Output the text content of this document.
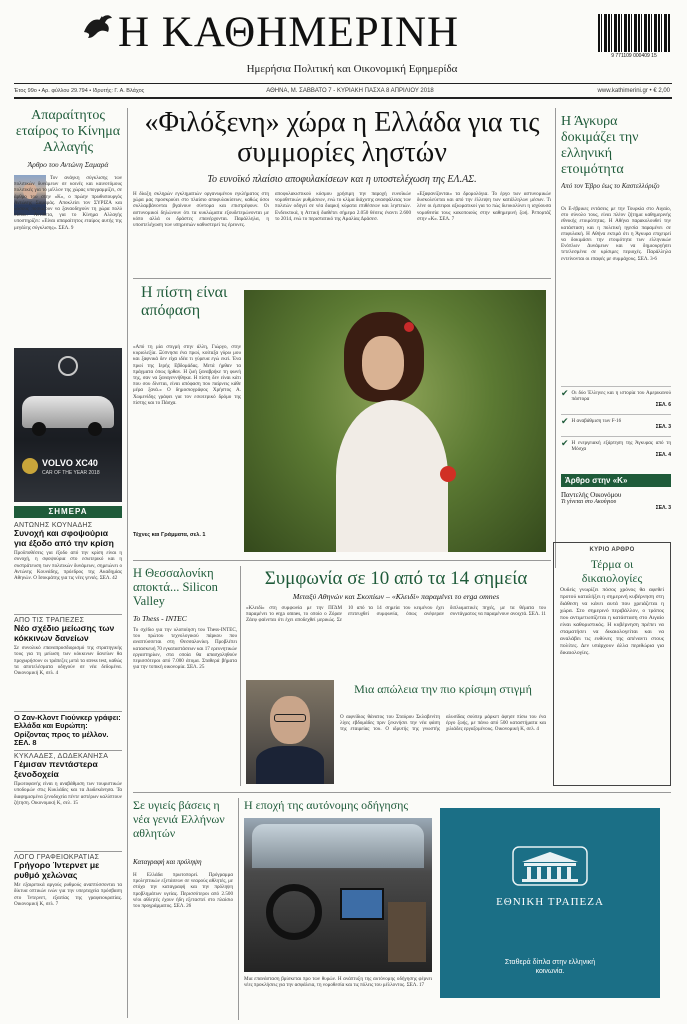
Η ΚΑΘΗΜΕΡΙΝΗ
Ημερήσια Πολιτική και Οικονομική Εφημερίδα
9 771109 000409 15
Έτος 99ο • Αρ. φύλλου 29.794 • Ιδρυτής: Γ. Α. Βλάχος	ΑΘΗΝΑ, Μ. ΣΑΒΒΑΤΟ 7 - ΚΥΡΙΑΚΗ ΠΑΣΧΑ 8 ΑΠΡΙΛΙΟΥ 2018	www.kathimerini.gr • € 2,00
Απαραίτητος εταίρος το Κίνημα Αλλαγής
Άρθρο του Αντώνη Σαμαρά
Τον ανάγκη σύγκλισης των πολιτικών δυνάμεων σε κοινές και καινοτόμους πολιτικές για το μέλλον της χώρας υπογραμμίζει, σε άρθρο του στην «Κ», ο πρώην πρωθυπουργός Αντώνης Σαμαράς. Αποκλείει τον ΣΥΡΙΖΑ και «όσους ποσκίζουν να ξαναοδηγούν τη χώρα πολύ πίσω». Αντίθετα, για το Κίνημα Αλλαγής υποστηρίζει: «Είναι απαραίτητος εταίρος αυτής της μεγάλης σύγκλισης». ΣΕΛ. 9
VOLVO XC40
CAR OF THE YEAR 2018
ΣΗΜΕΡΑ
ΑΝΤΩΝΗΣ ΚΟΥΝΑΔΗΣ
Συνοχή και σφοψούρια για έξοδο από την κρίση
Προϋποθέσεις για έξοδο από την κρίση είναι η συνοχή, η σφοψούρια στο εσωτερικό και η συστράτευση των πολιτικών δυνάμεων, σημειώνει ο Αντώνης Κουνάδης, πρόεδρος της Ακαδημίας Αθηνών. Ο Ισοκράτης για τις νέες γενιές. ΣΕΛ. 42
ΑΠΟ ΤΙΣ ΤΡΑΠΕΖΕΣ
Νέο σχέδιο μείωσης των κόκκινων δανείων
Σε συνολικό επαναπροσδιορισμό της στρατηγικής τους για τη μείωση των κόκκινων δανείων θα προχωρήσουν οι τράπεζες μετά τα stress test, καθώς τα αποτελέσματα οδηγούν σε νέα δεδομένα. Οικονομική Κ, σελ. 4
Ο Ζαν-Κλοντ Γιούνκερ γράφει: Ελλάδα και Ευρώπη: Ορίζοντας προς το μέλλον. ΣΕΛ. 8
ΚΥΚΛΑΔΕΣ, ΔΩΔΕΚΑΝΗΣΑ
Γέμισαν πεντάστερα ξενοδοχεία
Πρωτοφανής είναι η αναβάθμιση των τουριστικών υποδομών στις Κυκλάδες και τα Δωδεκάνησα. Τα διαφημισμένα ξενοδοχεία πέντε αστέρων καλύπτουν ζήτηση. Οικονομική Κ, σελ. 15
ΛΟΓΟ ΓΡΑΦΕΙΟΚΡΑΤΙΑΣ
Γρήγορο Ίντερνετ με ρυθμό χελώνας
Με εξαιρετικά αργούς ρυθμούς αναπτύσσονται τα δίκτυα οπτικών ινών για την υπερταχεία πρόσβαση στο Ίντερνετ, εξαιτίας της γραφειοκρατίας. Οικονομική Κ, σελ. 7
«Φιλόξενη» χώρα η Ελλάδα για τις συμμορίες ληστών
Το ευνοϊκό πλαίσιο αποφυλακίσεων και η υποστελέχωση της ΕΛ.ΑΣ.
Η δίωξη σκληρών εγκληματιών οργανωμένου εγκλήματος στη χώρα μας προσκρούει στο πλαίσιο αποφυλακίσεων, καθώς όσοι συλλαμβάνονται βγαίνουν σύντομα και επιστρέφουν. Οι αστυνομικοί δηλώνουν ότι τα κυκλώματα εξουδετερώνονται με κόπο αλλά οι δράστες επανέρχονται. Παράλληλα, η υποστελέχωση των υπηρεσιών καθυστερεί τις έρευνες.
αποφυλακιστικού κόσμου χρήσιμη την παροχή ευνοϊκών νομοθετικών ρυθμίσεων, ενώ το κλίμα διάχυτης ανασφάλειας των πολιτών οδηγεί σε νέα διαρκή κύματα επιθέσεων και ληστειών. Ενδεικτικά, η Αττική διαθέτει σήμερα 2.050 θέσεις έναντι 2.600 το 2014, ενώ το περιστατικό της Αμαλίας Δράσεσ.
«Εξαφανίζονται» τα δρομολόγια. Το έργο των αστυνομικών δυσκολεύεται και από την έλλειψη των κατάλληλων μέσων. Τι λένε οι έμπειροι αξιωματικοί για το πώς διευκολύνει η ισχύουσα νομοθεσία τους κακοποιούς στην καθημερινή ζωή. Ρεπορτάζ στην «Κ». ΣΕΛ. 7
Η πίστη είναι απόφαση
«Από τη μία στιγμή στην άλλη, Γιώργο, στην κυριολεξία. Ξύπνησα ένα πρωί, κοίταξα γύρω μου και ξαφνικά δεν είχα ιδέα τι γύρευα εγώ εκεί. Ένα πρωί της Ιερής Εβδομάδας. Μετά ήρθαν τα πράγματα όπως ήρθαν. Η ζωή ξαναβρήκε τη φωνή της, σαν να ξαναγεννήθηκα. Η πίστη δεν είναι κάτι που σου δίνεται, είναι απόφαση που παίρνεις κάθε μέρα ξανά.» Ο δημοσιογράφος Χρήστος Α. Χωμενίδης γράφει για τον εσωτερικό δρόμο της πίστης και το Πάσχα.
Τέχνες και Γράμματα, σελ. 1
Η Άγκυρα δοκιμάζει την ελληνική ετοιμότητα
Από τον Έβρο έως το Καστελλόριζο
Οι Ε-έβρικες εντάσεις με την Τουρκία στο Αιγαίο, στο σύνολο τους, είναι πλέον ζήτημα καθημερινής εθνικής ετοιμότητας. Η Αθήνα παρακολουθεί την κατάσταση και η πολιτική ηγεσία παραμένει σε επιφυλακή. Η Αθήνα εκτιμά ότι η Άγκυρα επιχειρεί να δοκιμάσει την ετοιμότητα των ελληνικών Ενόπλων Δυνάμεων και να δημιουργήσει τετελεσμένα σε κρίσιμες περιοχές. Παράλληλα εντείνονται οι επαφές με συμμάχους. ΣΕΛ. 3-6
✔ Οι δύο Έλληνες και η ιστορία του Αμερικανού πάστορα
ΣΕΛ. 6
✔ Η αναβάθμιση των F-16
ΣΕΛ. 3
✔ Η ενεργειακή εξάρτηση της Άγκυρας από τη Μόσχα
ΣΕΛ. 4
Άρθρο στην «Κ»
Παντελής Οικονόμου
Τι γίνεται στο Ακούγιου
ΣΕΛ. 3
ΚΥΡΙΟ ΑΡΘΡΟ
Τέρμα οι δικαιολογίες
Ουδείς γνωρίζει πόσος χρόνος θα αφεθεί προτού καταλήξει η σημερινή κυβέρνηση στη διάθεση να κάνει αυτά που χρειάζεται η χώρα. Στο σημερινό περιβάλλον, ο τρόπος που αντιμετωπίζεται η κατάσταση στο Αιγαίο είναι καθοριστικός. Η κυβέρνηση πρέπει να σταματήσει να δικαιολογείται και να αναλάβει τις ευθύνες της απέναντι στους πολίτες. Δεν υπάρχουν άλλα περιθώρια για δικαιολογίες.
Η Θεσσαλονίκη αποκτά... Silicon Valley
To Thess - INTEC
Το σχέδιο για την υλοποίηση του Thess-INTEC, του πρώτου τεχνολογικού πάρκου που αναπτύσσεται στη Θεσσαλονίκη. Προβλέπει κατασκευή 70 εγκαταστάσεων και 17 ερευνητικών εργαστηρίων, στα οποία θα απασχοληθούν περισσότεροι από 7.000 άτομα. Σταθερά βήματα για την τοπική οικονομία. ΣΕΛ. 25
Συμφωνία σε 10 από τα 14 σημεία
Μεταξύ Αθηνών και Σκοπίων – «Κλειδί» παραμένει το erga omnes
«Κλειδί» στη συμφωνία με την ΠΓΔΜ παραμένει το erga omnes, το οποίο ο Ζόραν Ζάεφ φαίνεται ότι έχει αποδεχθεί μερικώς. Σε 10 από τα 14 σημεία του κειμένου έχει επιτευχθεί συμφωνία, όπως ανέφεραν διπλωματικές πηγές, με τα θέματα του συντάγματος να παραμένουν ανοιχτά. ΣΕΛ. 11
Μια απώλεια την πιο κρίσιμη στιγμή
Ο αιφνίδιος θάνατος του Σταύρου Σκλαβενίτη λίγες εβδομάδες πριν ξεκινήσει την νέα φάση της εταιρείας του. Ο ιδρυτής της γνωστής αλυσίδας σούπερ μάρκετ άφησε πίσω του ένα έργο ζωής, με πάνω από 500 καταστήματα και χιλιάδες εργαζομένους. Οικονομική Κ, σελ. 4
Σε υγιείς βάσεις η νέα γενιά Ελλήνων αθλητών
Καταγραφή και πρόληψη
Η Ελλάδα πρωτοπορεί. Πρόγραμμα προληπτικών εξετάσεων σε νεαρούς αθλητές, με στόχο την καταγραφή και την πρόληψη προβλημάτων υγείας. Περισσότεροι από 2.500 νέοι αθλητές έχουν ήδη εξεταστεί στο πλαίσιο του προγράμματος. ΣΕΛ. 26
Η εποχή της αυτόνομης οδήγησης
Μια επανάσταση βρίσκεται προ των θυρών. Η ανάπτυξη της αυτόνομης οδήγησης φέρνει νέες προκλήσεις για την ασφάλεια, τη νομοθεσία και τις πόλεις του μέλλοντος. ΣΕΛ. 17
ΕΘΝΙΚΗ ΤΡΑΠΕΖΑ
Σταθερά δίπλα στην ελληνική κοινωνία.
